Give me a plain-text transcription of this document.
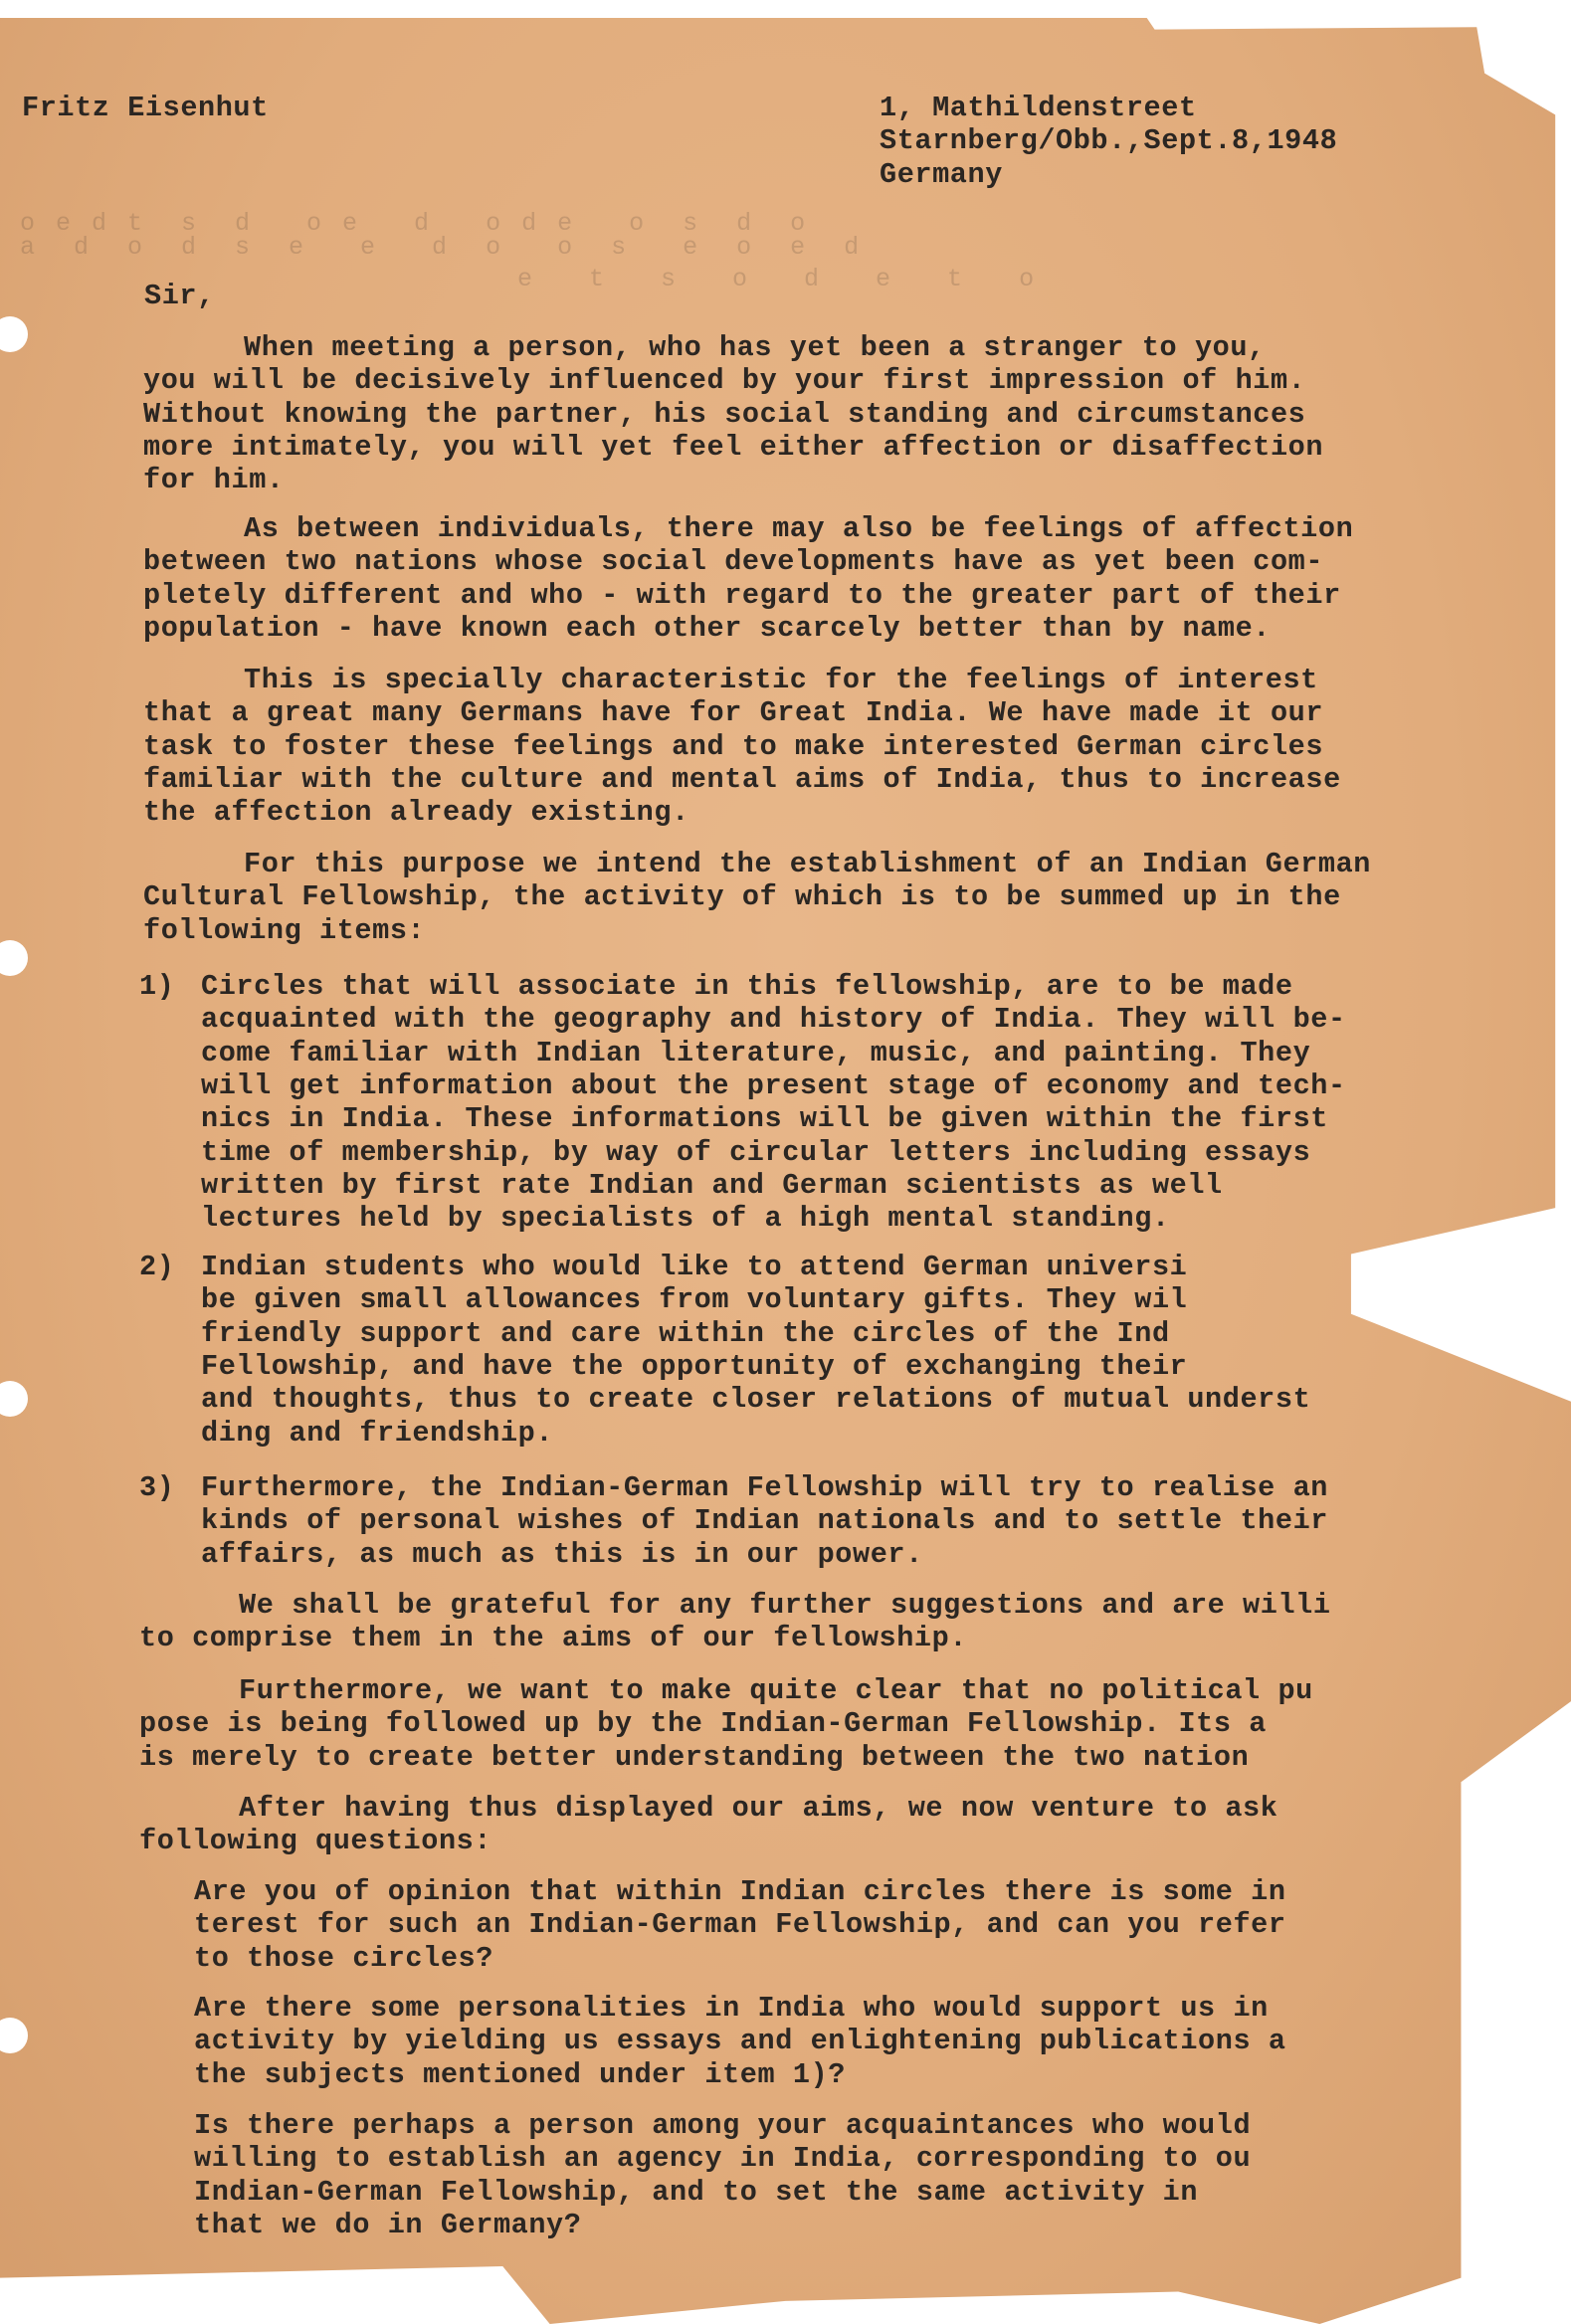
Fritz Eisenhut	1, Mathildenstreet
Starnberg/Obb.,Sept.8,1948
Germany
o e d t  s  d   o e   d   o d e   o  s  d  o
a  d  o  d  s  e   e   d  o   o  s   e  o  e  d
e   t   s   o   d   e   t   o
Sir,
When meeting a person, who has yet been a stranger to you,
you will be decisively influenced by your first impression of him.
Without knowing the partner, his social standing and circumstances
more intimately, you will yet feel either affection or disaffection
for him.
As between individuals, there may also be feelings of affection
between two nations whose social developments have as yet been com-
pletely different and who - with regard to the greater part of their
population - have known each other scarcely better than by name.
This is specially characteristic for the feelings of interest
that a great many Germans have for Great India. We have made it our
task to foster these feelings and to make interested German circles
familiar with the culture and mental aims of India, thus to increase
the affection already existing.
For this purpose we intend the establishment of an Indian German
Cultural Fellowship, the activity of which is to be summed up in the
following items:
1) Circles that will associate in this fellowship, are to be made
acquainted with the geography and history of India. They will be-
come familiar with Indian literature, music, and painting. They
will get information about the present stage of economy and tech-
nics in India. These informations will be given within the first
time of membership, by way of circular letters including essays
written by first rate Indian and German scientists as well
lectures held by specialists of a high mental standing.
2) Indian students who would like to attend German universi
be given small allowances from voluntary gifts. They wil
friendly support and care within the circles of the Ind
Fellowship, and have the opportunity of exchanging their
and thoughts, thus to create closer relations of mutual underst
ding and friendship.
3) Furthermore, the Indian-German Fellowship will try to realise an
kinds of personal wishes of Indian nationals and to settle their
affairs, as much as this is in our power.
We shall be grateful for any further suggestions and are willi
to comprise them in the aims of our fellowship.
Furthermore, we want to make quite clear that no political pu
pose is being followed up by the Indian-German Fellowship. Its a
is merely to create better understanding between the two nation
After having thus displayed our aims, we now venture to ask
following questions:
Are you of opinion that within Indian circles there is some in
terest for such an Indian-German Fellowship, and can you refer
to those circles?
Are there some personalities in India who would support us in
activity by yielding us essays and enlightening publications a
the subjects mentioned under item 1)?
Is there perhaps a person among your acquaintances who would
willing to establish an agency in India, corresponding to ou
Indian-German Fellowship, and to set the same activity in
that we do in Germany?
